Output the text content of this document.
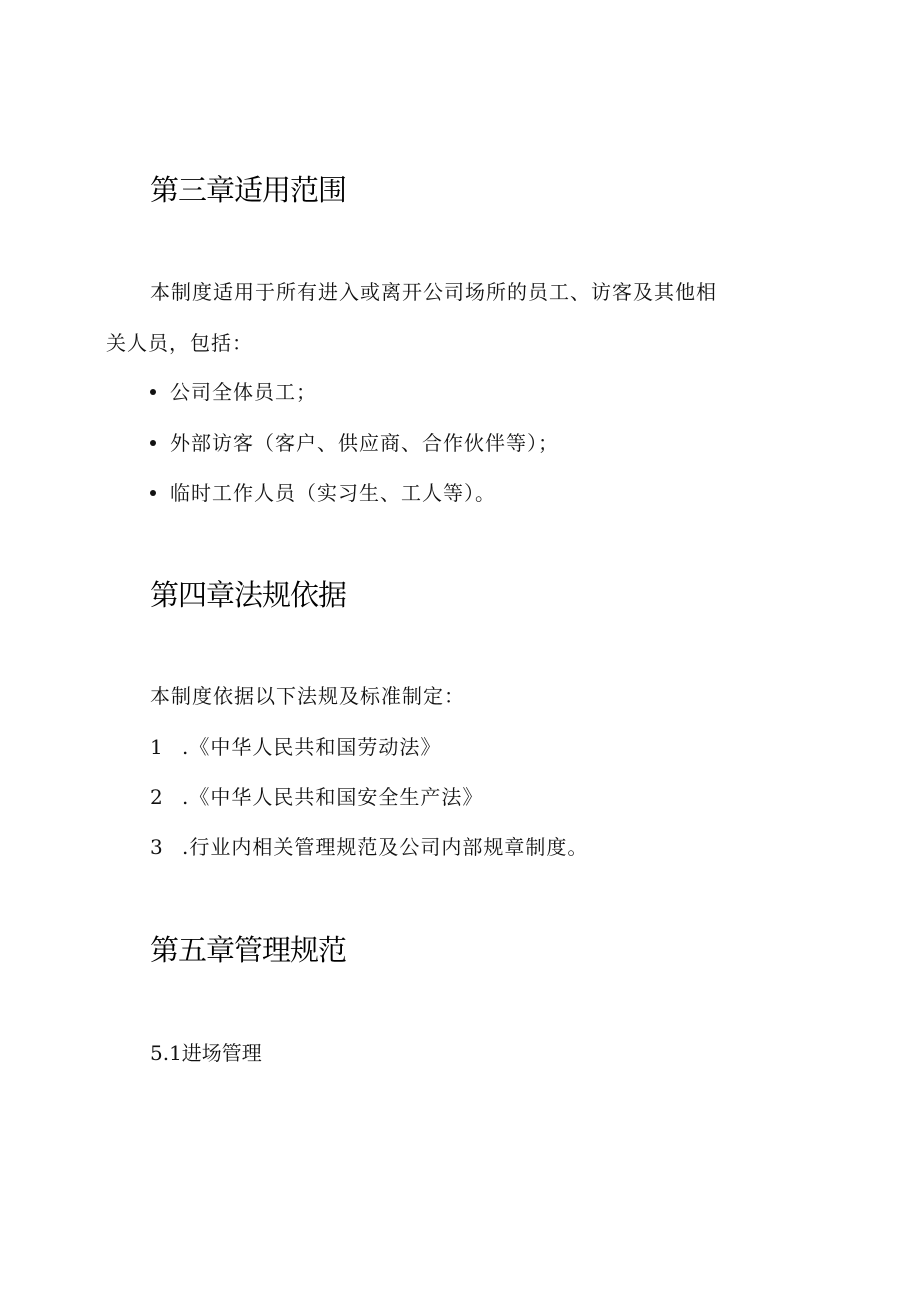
第三章适用范围
本制度适用于所有进入或离开公司场所的员工、访客及其他相
关人员，包括：
公司全体员工；
外部访客（客户、供应商、合作伙伴等）；
临时工作人员（实习生、工人等）。
第四章法规依据
本制度依据以下法规及标准制定：
1 .《中华人民共和国劳动法》
2 .《中华人民共和国安全生产法》
3 .行业内相关管理规范及公司内部规章制度。
第五章管理规范
5.1进场管理
